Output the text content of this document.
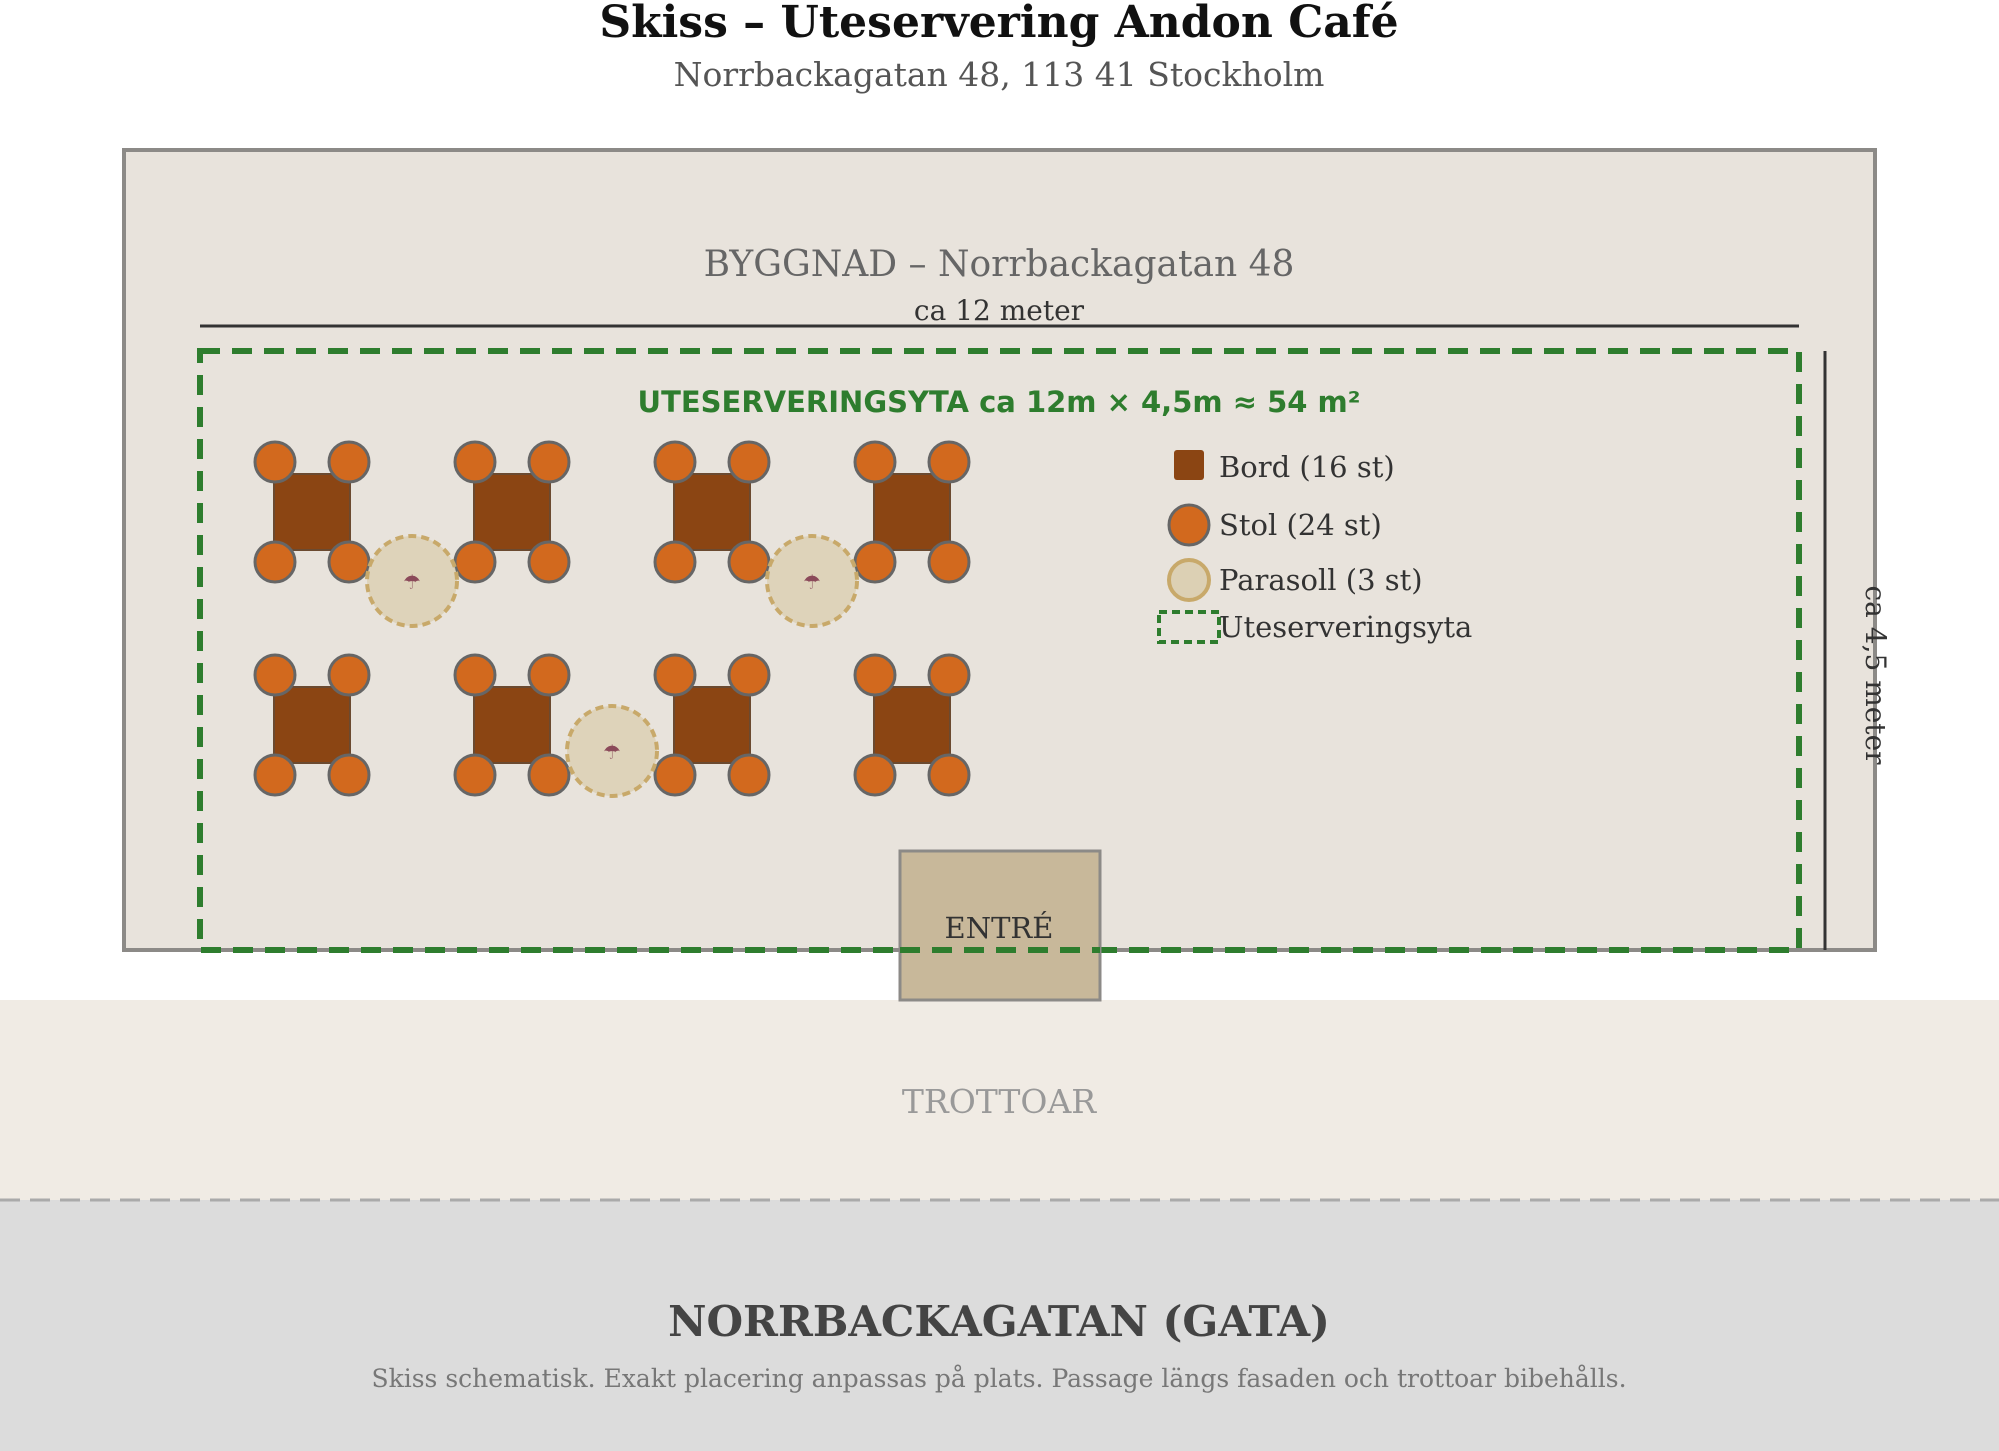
Skiss – Uteservering Andon Café
Norrbackagatan 48, 113 41 Stockholm
BYGGNAD – Norrbackagatan 48
ca 12 meter
ca 4,5 meter
UTESERVERINGSYTA ca 12m × 4,5m ≈ 54 m²
☂	☂
☂
Bord (16 st)
Stol (24 st)
Parasoll (3 st)
Uteserveringsyta
TROTTOAR
NORRBACKAGATAN (GATA)
Skiss schematisk. Exakt placering anpassas på plats. Passage längs fasaden och trottoar bibehålls.
ENTRÉ
